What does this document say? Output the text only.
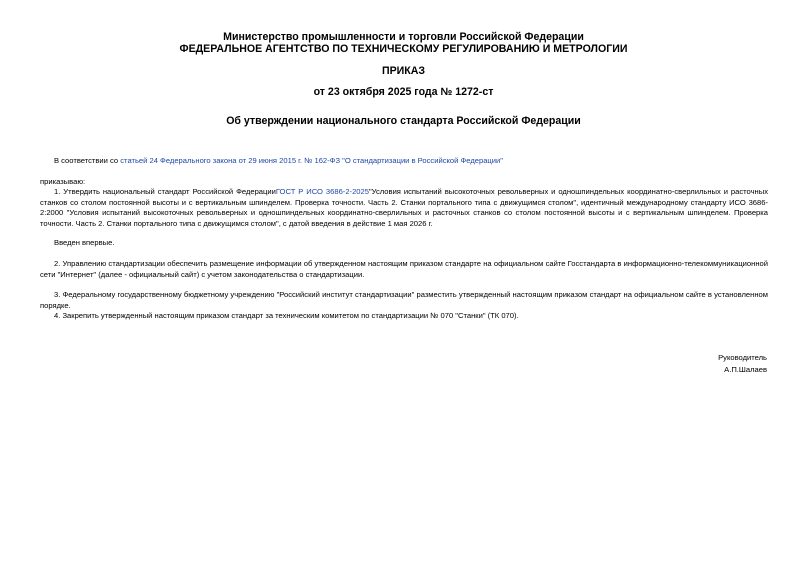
Министерство промышленности и торговли Российской Федерации
ФЕДЕРАЛЬНОЕ АГЕНТСТВО ПО ТЕХНИЧЕСКОМУ РЕГУЛИРОВАНИЮ И МЕТРОЛОГИИ
ПРИКАЗ
от 23 октября 2025 года № 1272-ст
Об утверждении национального стандарта Российской Федерации
В соответствии со статьей 24 Федерального закона от 29 июня 2015 г. № 162-ФЗ "О стандартизации в Российской Федерации"
приказываю:
1. Утвердить национальный стандарт Российской ФедерацииГОСТ Р ИСО 3686-2-2025"Условия испытаний высокоточных револьверных и одношпиндельных координатно-сверлильных и расточных станков со столом постоянной высоты и с вертикальным шпинделем. Проверка точности. Часть 2. Станки портального типа с движущимся столом", идентичный международному стандарту ИСО 3686-2:2000 "Условия испытаний высокоточных револьверных и одношпиндельных координатно-сверлильных и расточных станков со столом постоянной высоты и с вертикальным шпинделем. Проверка точности. Часть 2. Станки портального типа с движущимся столом", с датой введения в действие 1 мая 2026 г.
Введен впервые.
2. Управлению стандартизации обеспечить размещение информации об утвержденном настоящим приказом стандарте на официальном сайте Госстандарта в информационно-телекоммуникационной сети "Интернет" (далее - официальный сайт) с учетом законодательства о стандартизации.
3. Федеральному государственному бюджетному учреждению "Российский институт стандартизации" разместить утвержденный настоящим приказом стандарт на официальном сайте в установленном порядке.
4. Закрепить утвержденный настоящим приказом стандарт за техническим комитетом по стандартизации № 070 "Станки" (ТК 070).
Руководитель
А.П.Шалаев
